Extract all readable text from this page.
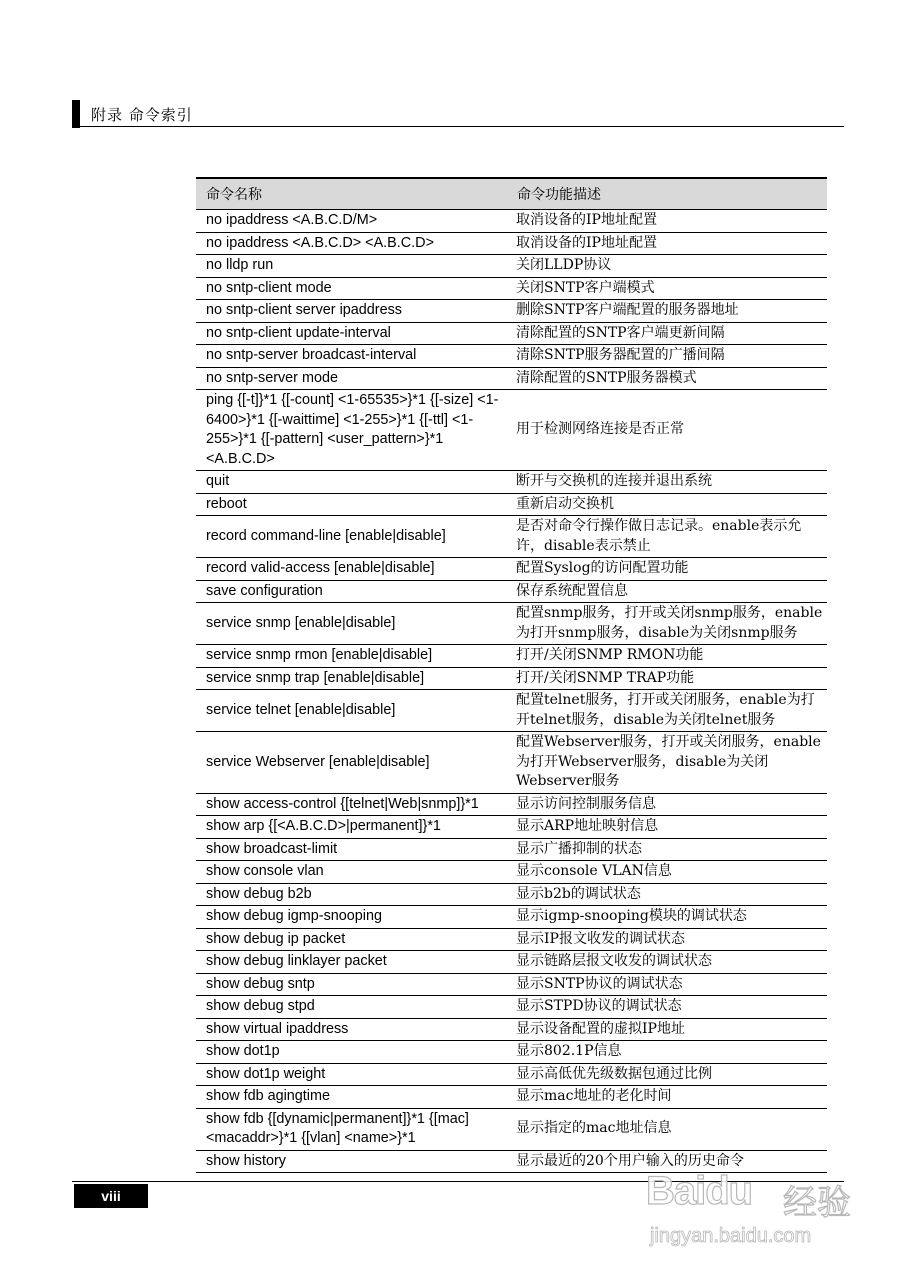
附录 命令索引
命令名称	命令功能描述
no ipaddress <A.B.C.D/M>	取消设备的IP地址配置
no ipaddress <A.B.C.D> <A.B.C.D>	取消设备的IP地址配置
no lldp run	关闭LLDP协议
no sntp-client mode	关闭SNTP客户端模式
no sntp-client server ipaddress	删除SNTP客户端配置的服务器地址
no sntp-client update-interval	清除配置的SNTP客户端更新间隔
no sntp-server broadcast-interval	清除SNTP服务器配置的广播间隔
no sntp-server mode	清除配置的SNTP服务器模式
ping {[-t]}*1 {[-count] <1-65535>}*1 {[-size] <1-6400>}*1 {[-waittime] <1-255>}*1 {[-ttl] <1-255>}*1 {[-pattern] <user_pattern>}*1 <A.B.C.D>	用于检测网络连接是否正常
quit	断开与交换机的连接并退出系统
reboot	重新启动交换机
record command-line [enable|disable]	是否对命令行操作做日志记录。enable表示允许，disable表示禁止
record valid-access [enable|disable]	配置Syslog的访问配置功能
save configuration	保存系统配置信息
service snmp [enable|disable]	配置snmp服务，打开或关闭snmp服务，enable为打开snmp服务，disable为关闭snmp服务
service snmp rmon [enable|disable]	打开/关闭SNMP RMON功能
service snmp trap [enable|disable]	打开/关闭SNMP TRAP功能
service telnet [enable|disable]	配置telnet服务，打开或关闭服务，enable为打开telnet服务，disable为关闭telnet服务
service Webserver [enable|disable]	配置Webserver服务，打开或关闭服务，enable为打开Webserver服务，disable为关闭Webserver服务
show access-control {[telnet|Web|snmp]}*1	显示访问控制服务信息
show arp {[<A.B.C.D>|permanent]}*1	显示ARP地址映射信息
show broadcast-limit	显示广播抑制的状态
show console vlan	显示console VLAN信息
show debug b2b	显示b2b的调试状态
show debug igmp-snooping	显示igmp-snooping模块的调试状态
show debug ip packet	显示IP报文收发的调试状态
show debug linklayer packet	显示链路层报文收发的调试状态
show debug sntp	显示SNTP协议的调试状态
show debug stpd	显示STPD协议的调试状态
show virtual ipaddress	显示设备配置的虚拟IP地址
show dot1p	显示802.1P信息
show dot1p weight	显示高低优先级数据包通过比例
show fdb agingtime	显示mac地址的老化时间
show fdb {[dynamic|permanent]}*1 {[mac] <macaddr>}*1 {[vlan] <name>}*1	显示指定的mac地址信息
show history	显示最近的20个用户输入的历史命令
viii	Baidu 经验
jingyan.baidu.com
